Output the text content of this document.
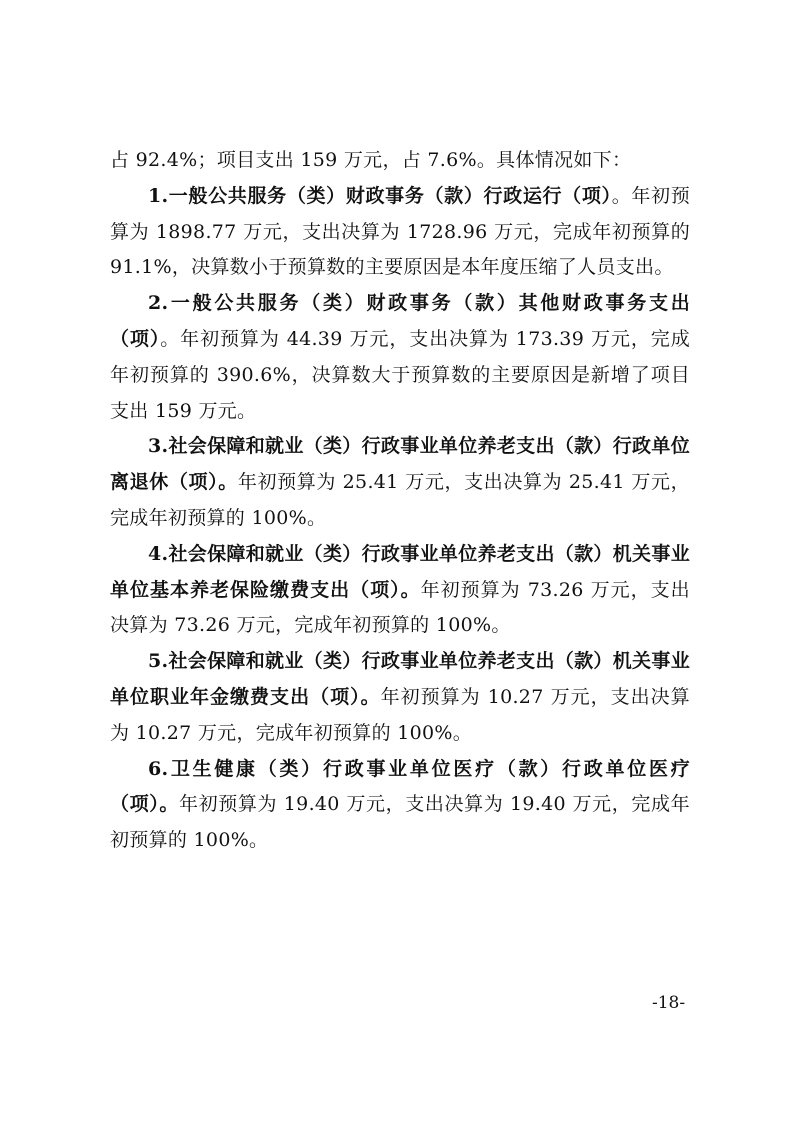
占 92.4%；项目支出 159 万元，占 7.6%。具体情况如下：

1.一般公共服务（类）财政事务（款）行政运行（项）。年初预算为 1898.77 万元，支出决算为 1728.96 万元，完成年初预算的 91.1%，决算数小于预算数的主要原因是本年度压缩了人员支出。

2.一般公共服务（类）财政事务（款）其他财政事务支出（项）。年初预算为 44.39 万元，支出决算为 173.39 万元，完成年初预算的 390.6%，决算数大于预算数的主要原因是新增了项目支出 159 万元。

3.社会保障和就业（类）行政事业单位养老支出（款）行政单位离退休（项）。年初预算为 25.41 万元，支出决算为 25.41 万元，完成年初预算的 100%。

4.社会保障和就业（类）行政事业单位养老支出（款）机关事业单位基本养老保险缴费支出（项）。年初预算为 73.26 万元，支出决算为 73.26 万元，完成年初预算的 100%。

5.社会保障和就业（类）行政事业单位养老支出（款）机关事业单位职业年金缴费支出（项）。年初预算为 10.27 万元，支出决算为 10.27 万元，完成年初预算的 100%。

6.卫生健康（类）行政事业单位医疗（款）行政单位医疗（项）。年初预算为 19.40 万元，支出决算为 19.40 万元，完成年初预算的 100%。

-18-
